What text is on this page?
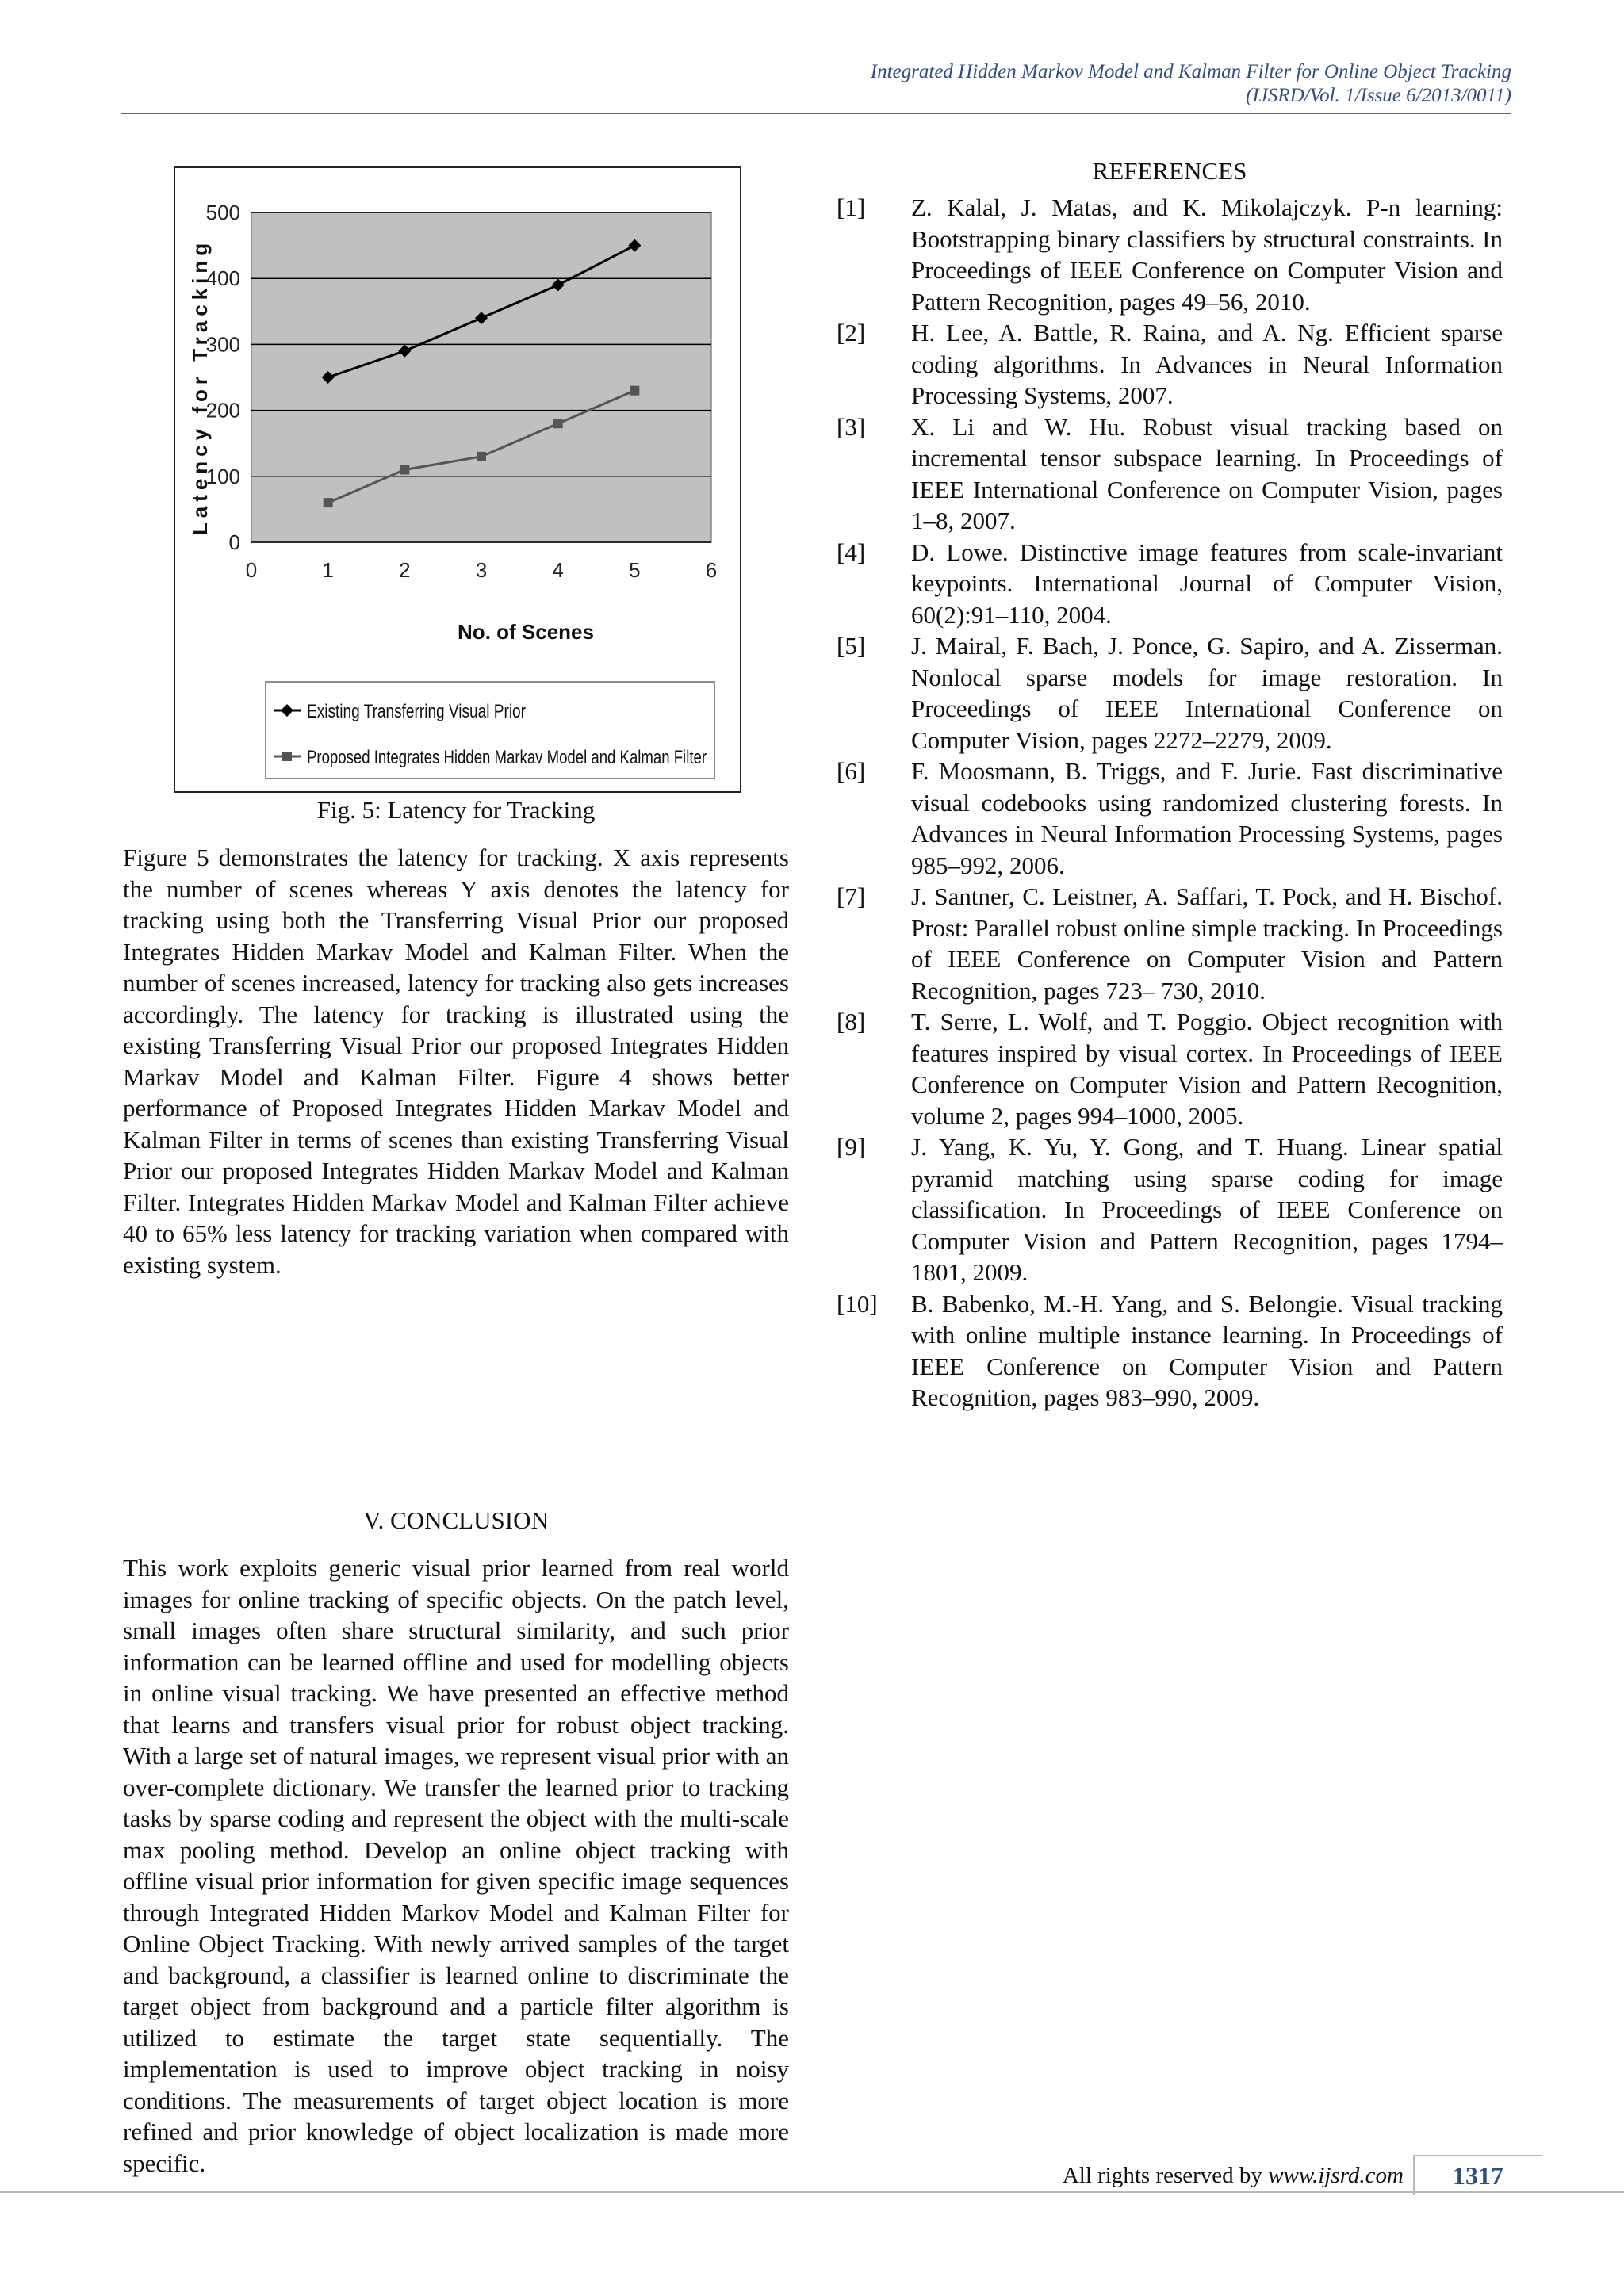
Integrated Hidden Markov Model and Kalman Filter for Online Object Tracking
(IJSRD/Vol. 1/Issue 6/2013/0011)
0
100
200
300
400
500
0	1	2	3	4	5	6
No. of Scenes
Latency for Tracking
Existing Transferring Visual Prior
Proposed Integrates Hidden Markav Model and Kalman Filter
Fig. 5: Latency for Tracking

Figure 5 demonstrates the latency for tracking. X axis represents the number of scenes whereas Y axis denotes the latency for tracking using both the Transferring Visual Prior our proposed Integrates Hidden Markav Model and Kalman Filter. When the number of scenes increased, latency for tracking also gets increases accordingly. The latency for tracking is illustrated using the existing Transferring Visual Prior our proposed Integrates Hidden Markav Model and Kalman Filter. Figure 4 shows better performance of Proposed Integrates Hidden Markav Model and Kalman Filter in terms of scenes than existing Transferring Visual Prior our proposed Integrates Hidden Markav Model and Kalman Filter. Integrates Hidden Markav Model and Kalman Filter achieve 40 to 65% less latency for tracking variation when compared with existing system.

V. CONCLUSION

This work exploits generic visual prior learned from real world images for online tracking of specific objects. On the patch level, small images often share structural similarity, and such prior information can be learned offline and used for modelling objects in online visual tracking. We have presented an effective method that learns and transfers visual prior for robust object tracking. With a large set of natural images, we represent visual prior with an over-complete dictionary. We transfer the learned prior to tracking tasks by sparse coding and represent the object with the multi-scale max pooling method. Develop an online object tracking with offline visual prior information for given specific image sequences through Integrated Hidden Markov Model and Kalman Filter for Online Object Tracking. With newly arrived samples of the target and background, a classifier is learned online to discriminate the target object from background and a particle filter algorithm is utilized to estimate the target state sequentially. The implementation is used to improve object tracking in noisy conditions. The measurements of target object location is more refined and prior knowledge of object localization is made more specific.

REFERENCES
[1]	Z. Kalal, J. Matas, and K. Mikolajczyk. P-n learning: Bootstrapping binary classifiers by structural constraints. In Proceedings of IEEE Conference on Computer Vision and Pattern Recognition, pages 49–56, 2010.
[2]	H. Lee, A. Battle, R. Raina, and A. Ng. Efficient sparse coding algorithms. In Advances in Neural Information Processing Systems, 2007.
[3]	X. Li and W. Hu. Robust visual tracking based on incremental tensor subspace learning. In Proceedings of IEEE International Conference on Computer Vision, pages 1–8, 2007.
[4]	D. Lowe. Distinctive image features from scale-invariant keypoints. International Journal of Computer Vision, 60(2):91–110, 2004.
[5]	J. Mairal, F. Bach, J. Ponce, G. Sapiro, and A. Zisserman. Nonlocal sparse models for image restoration. In Proceedings of IEEE International Conference on Computer Vision, pages 2272–2279, 2009.
[6]	F. Moosmann, B. Triggs, and F. Jurie. Fast discriminative visual codebooks using randomized clustering forests. In Advances in Neural Information Processing Systems, pages 985–992, 2006.
[7]	J. Santner, C. Leistner, A. Saffari, T. Pock, and H. Bischof. Prost: Parallel robust online simple tracking. In Proceedings of IEEE Conference on Computer Vision and Pattern Recognition, pages 723– 730, 2010.
[8]	T. Serre, L. Wolf, and T. Poggio. Object recognition with features inspired by visual cortex. In Proceedings of IEEE Conference on Computer Vision and Pattern Recognition, volume 2, pages 994–1000, 2005.
[9]	J. Yang, K. Yu, Y. Gong, and T. Huang. Linear spatial pyramid matching using sparse coding for image classification. In Proceedings of IEEE Conference on Computer Vision and Pattern Recognition, pages 1794– 1801, 2009.
[10]	B. Babenko, M.-H. Yang, and S. Belongie. Visual tracking with online multiple instance learning. In Proceedings of IEEE Conference on Computer Vision and Pattern Recognition, pages 983–990, 2009.
All rights reserved by www.ijsrd.com	1317
